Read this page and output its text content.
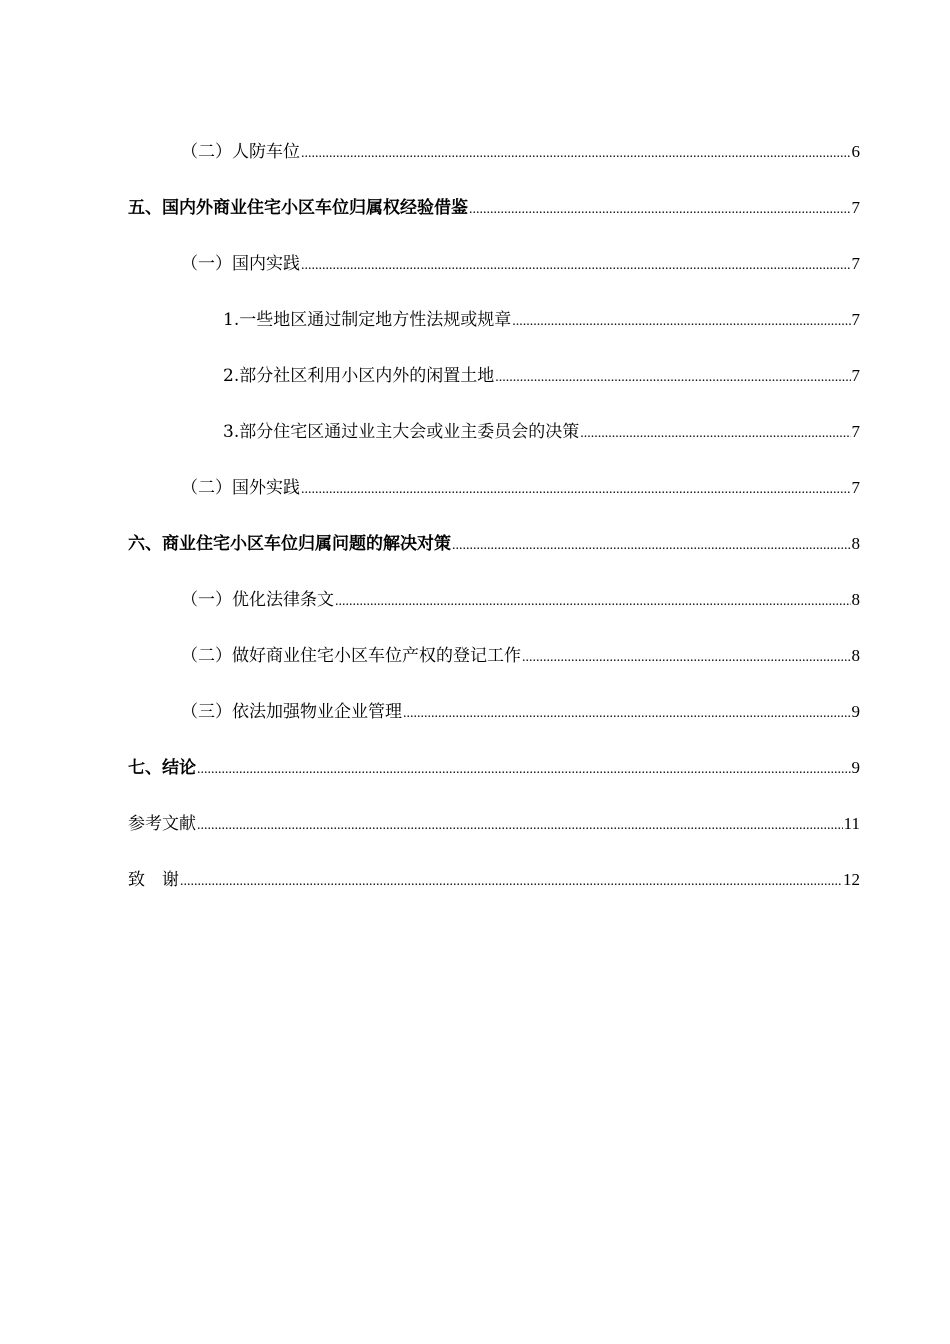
（二）人防车位 .....	6
五、国内外商业住宅小区车位归属权经验借鉴 .....	7
（一）国内实践 .....	7
1.一些地区通过制定地方性法规或规章 .....	7
2.部分社区利用小区内外的闲置土地 .....	7
3.部分住宅区通过业主大会或业主委员会的决策 .....	7
（二）国外实践 .....	7
六、商业住宅小区车位归属问题的解决对策 .....	8
（一）优化法律条文 .....	8
（二）做好商业住宅小区车位产权的登记工作 .....	8
（三）依法加强物业企业管理 .....	9
七、结论 .....	9
参考文献 .....	11
致　谢 .....	12
